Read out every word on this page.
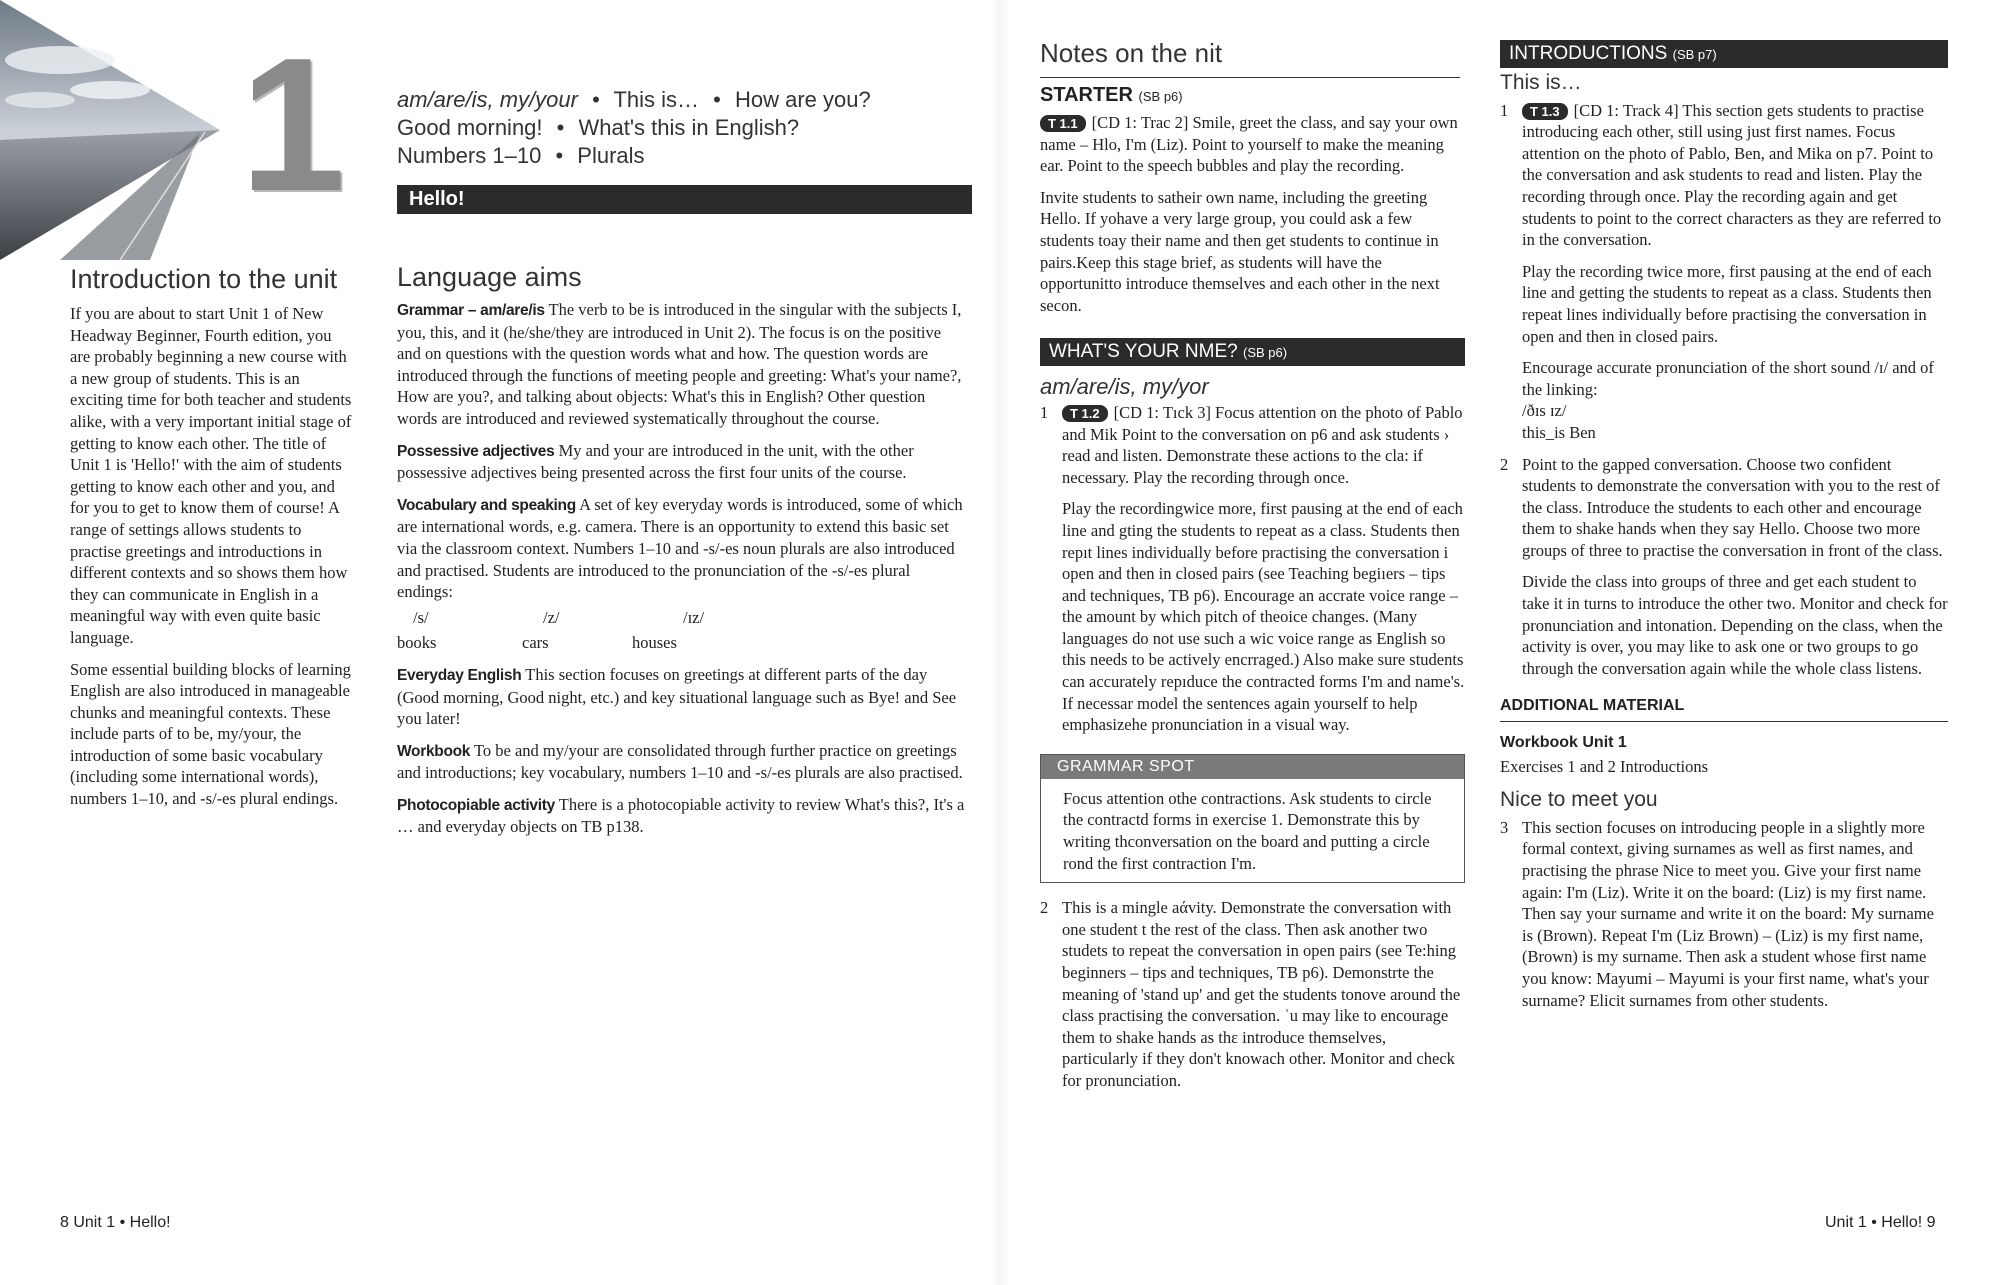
1
Introduction to the unit

If you are about to start Unit 1 of New Headway Beginner, Fourth edition, you are probably beginning a new course with a new group of students. This is an exciting time for both teacher and students alike, with a very important initial stage of getting to know each other. The title of Unit 1 is 'Hello!' with the aim of students getting to know each other and you, and for you to get to know them of course! A range of settings allows students to practise greetings and introductions in different contexts and so shows them how they can communicate in English in a meaningful way with even quite basic language.

Some essential building blocks of learning English are also introduced in manageable chunks and meaningful contexts. These include parts of to be, my/your, the introduction of some basic vocabulary (including some international words), numbers 1–10, and -s/-es plural endings.

am/are/is, my/your • This is… • How are you?
Good morning! • What's this in English?
Numbers 1–10 • Plurals
Hello!
Language aims

Grammar – am/are/is The verb to be is introduced in the singular with the subjects I, you, this, and it (he/she/they are introduced in Unit 2). The focus is on the positive and on questions with the question words what and how. The question words are introduced through the functions of meeting people and greeting: What's your name?, How are you?, and talking about objects: What's this in English? Other question words are introduced and reviewed systematically throughout the course.

Possessive adjectives My and your are introduced in the unit, with the other possessive adjectives being presented across the first four units of the course.

Vocabulary and speaking A set of key everyday words is introduced, some of which are international words, e.g. camera. There is an opportunity to extend this basic set via the classroom context. Numbers 1–10 and -s/-es noun plurals are also introduced and practised. Students are introduced to the pronunciation of the -s/-es plural endings:

/s/	/z/	/ɪz/
books	cars	houses

Everyday English This section focuses on greetings at different parts of the day (Good morning, Good night, etc.) and key situational language such as Bye! and See you later!

Workbook To be and my/your are consolidated through further practice on greetings and introductions; key vocabulary, numbers 1–10 and -s/-es plurals are also practised.

Photocopiable activity There is a photocopiable activity to review What's this?, It's a … and everyday objects on TB p138.

8 Unit 1 • Hello!
Notes on the nit
STARTER (SB p6)

T 1.1 [CD 1: Trac 2] Smile, greet the class, and say your own name – Hlo, I'm (Liz). Point to yourself to make the meaning ear. Point to the speech bubbles and play the recording.

Invite students to satheir own name, including the greeting Hello. If yohave a very large group, you could ask a few students toay their name and then get students to continue in pairs.Keep this stage brief, as students will have the opportunitto introduce themselves and each other in the next secon.

WHAT'S YOUR NME? (SB p6)
am/are/is, my/yor
1	T 1.2 [CD 1: Tıck 3] Focus attention on the photo of Pablo and Mik Point to the conversation on p6 and ask students › read and listen. Demonstrate these actions to the cla: if necessary. Play the recording through once.

Play the recordingwice more, first pausing at the end of each line and gting the students to repeat as a class. Students then repıt lines individually before practising the conversation i open and then in closed pairs (see Teaching begiıers – tips and techniques, TB p6). Encourage an accrate voice range – the amount by which pitch of theoice changes. (Many languages do not use such a wic voice range as English so this needs to be actively encrraged.) Also make sure students can accurately repıduce the contracted forms I'm and name's. If necessar model the sentences again yourself to help emphasizehe pronunciation in a visual way.

GRAMMAR SPOT
Focus attention othe contractions. Ask students to circle the contractd forms in exercise 1. Demonstrate this by writing thconversation on the board and putting a circle rond the first contraction I'm.
2 This is a mingle aάvity. Demonstrate the conversation with one student t the rest of the class. Then ask another two studets to repeat the conversation in open pairs (see Te:hing beginners – tips and techniques, TB p6). Demonstrte the meaning of 'stand up' and get the students tonove around the class practising the conversation. ʾu may like to encourage them to shake hands as thɛ introduce themselves, particularly if they don't knowach other. Monitor and check for pronunciation.

INTRODUCTIONS (SB p7)
This is…
1	T 1.3 [CD 1: Track 4] This section gets students to practise introducing each other, still using just first names. Focus attention on the photo of Pablo, Ben, and Mika on p7. Point to the conversation and ask students to read and listen. Play the recording through once. Play the recording again and get students to point to the correct characters as they are referred to in the conversation.

Play the recording twice more, first pausing at the end of each line and getting the students to repeat as a class. Students then repeat lines individually before practising the conversation in open and then in closed pairs.

Encourage accurate pronunciation of the short sound /ɪ/ and of the linking:

/ðɪs ɪz/

this_is Ben

2 Point to the gapped conversation. Choose two confident students to demonstrate the conversation with you to the rest of the class. Introduce the students to each other and encourage them to shake hands when they say Hello. Choose two more groups of three to practise the conversation in front of the class.

Divide the class into groups of three and get each student to take it in turns to introduce the other two. Monitor and check for pronunciation and intonation. Depending on the class, when the activity is over, you may like to ask one or two groups to go through the conversation again while the whole class listens.

ADDITIONAL MATERIAL
Workbook Unit 1
Exercises 1 and 2 Introductions
Nice to meet you
3 This section focuses on introducing people in a slightly more formal context, giving surnames as well as first names, and practising the phrase Nice to meet you. Give your first name again: I'm (Liz). Write it on the board: (Liz) is my first name. Then say your surname and write it on the board: My surname is (Brown). Repeat I'm (Liz Brown) – (Liz) is my first name, (Brown) is my surname. Then ask a student whose first name you know: Mayumi – Mayumi is your first name, what's your surname? Elicit surnames from other students.

Unit 1 • Hello! 9
